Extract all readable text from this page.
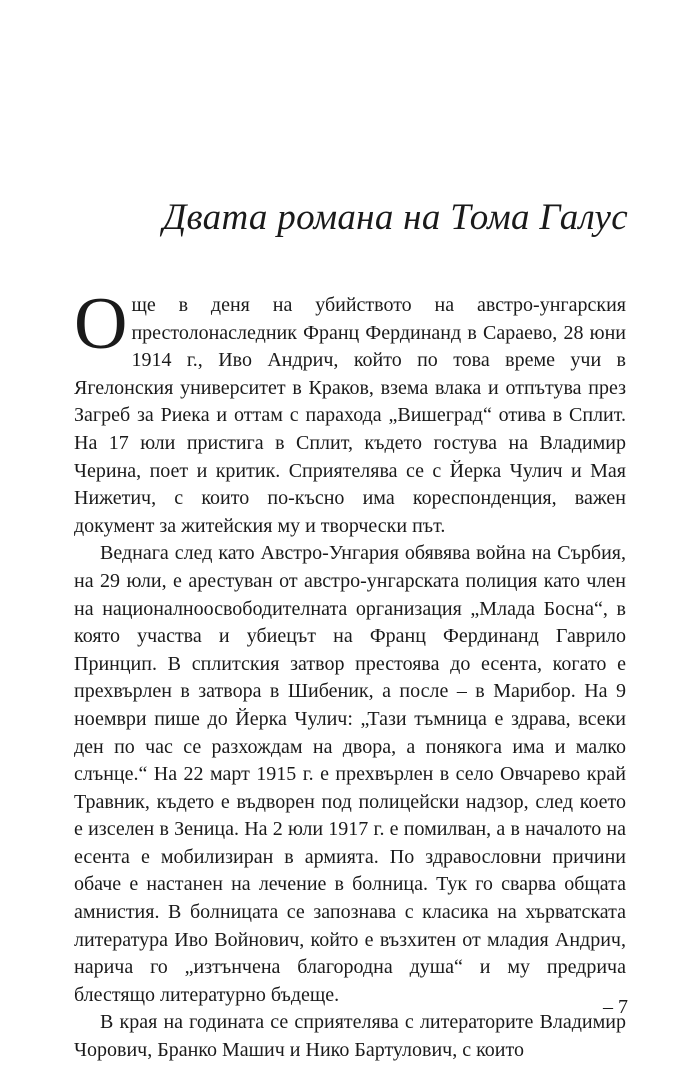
Двата романа на Тома Галус

Още в деня на убийството на австро-унгарския престолонаследник Франц Фердинанд в Сараево, 28 юни 1914 г., Иво Андрич, който по това време учи в Ягелонския университет в Краков, взема влака и отпътува през Загреб за Риека и оттам с парахода „Вишеград“ отива в Сплит. На 17 юли пристига в Сплит, където гостува на Владимир Черина, поет и критик. Сприятелява се с Йерка Чулич и Мая Нижетич, с които по-късно има кореспонденция, важен документ за житейския му и творчески път.

Веднага след като Австро-Унгария обявява война на Сърбия, на 29 юли, е арестуван от австро-унгарската полиция като член на националноосвободителната организация „Млада Босна“, в която участва и убиецът на Франц Фердинанд Гаврило Принцип. В сплитския затвор престоява до есента, когато е прехвърлен в затвора в Шибеник, а после – в Марибор. На 9 ноември пише до Йерка Чулич: „Тази тъмница е здрава, всеки ден по час се разхождам на двора, а понякога има и малко слънце.“ На 22 март 1915 г. е прехвърлен в село Овчарево край Травник, където е въдворен под полицейски надзор, след което е изселен в Зеница. На 2 юли 1917 г. е помилван, а в началото на есента е мобилизиран в армията. По здравословни причини обаче е настанен на лечение в болница. Тук го сварва общата амнистия. В болницата се запознава с класика на хърватската литература Иво Войнович, който е възхитен от младия Андрич, нарича го „изтънчена благородна душа“ и му предрича блестящо литературно бъдеще.

В края на годината се сприятелява с литераторите Владимир Чорович, Бранко Машич и Нико Бартулович, с които

– 7
